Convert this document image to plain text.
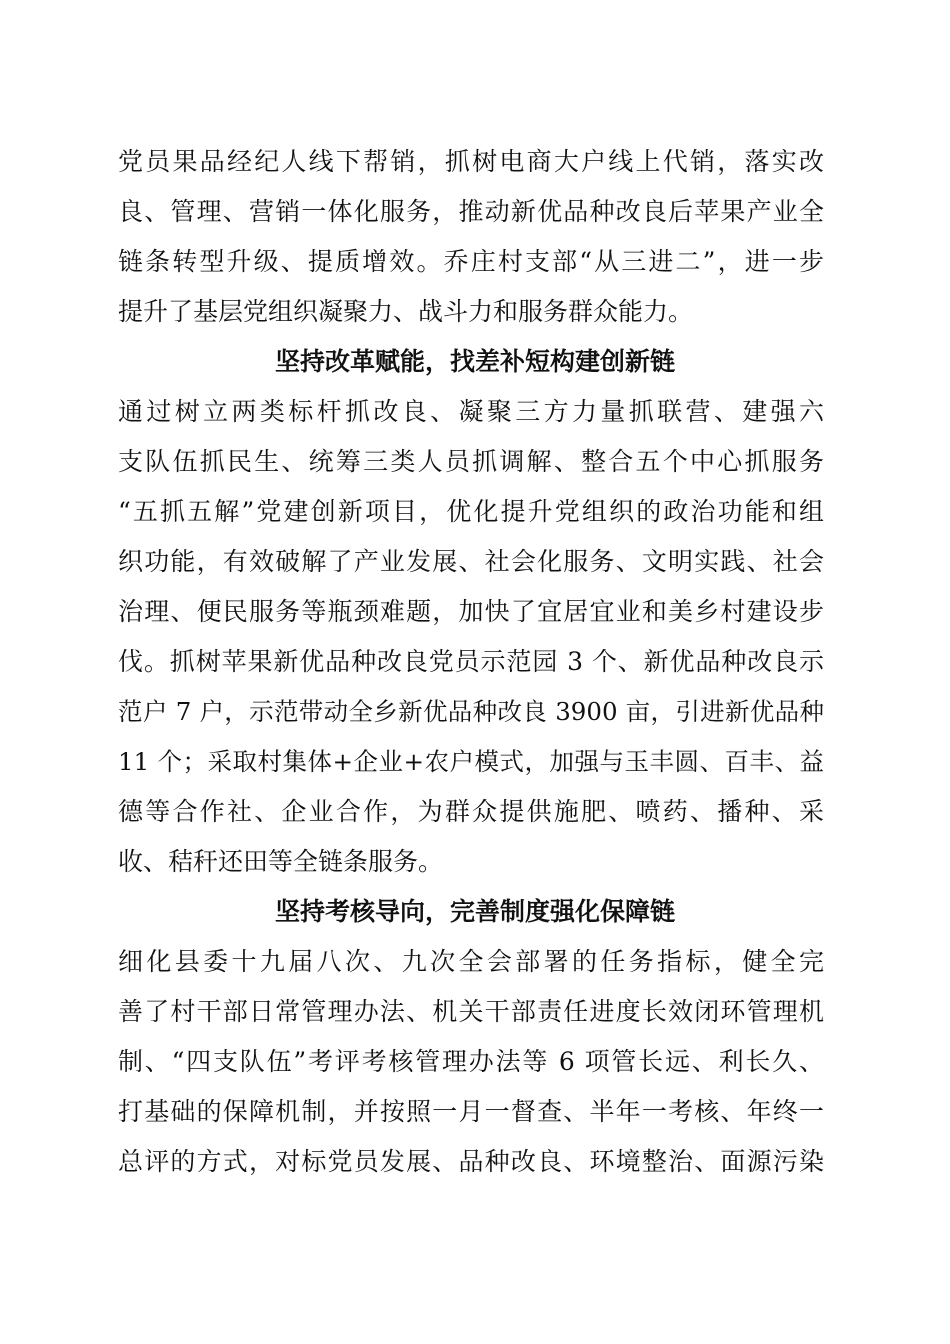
党员果品经纪人线下帮销，抓树电商大户线上代销，落实改
良、管理、营销一体化服务，推动新优品种改良后苹果产业全
链条转型升级、提质增效。乔庄村支部“从三进二”，进一步
提升了基层党组织凝聚力、战斗力和服务群众能力。
坚持改革赋能，找差补短构建创新链
通过树立两类标杆抓改良、凝聚三方力量抓联营、建强六
支队伍抓民生、统筹三类人员抓调解、整合五个中心抓服务
“五抓五解”党建创新项目，优化提升党组织的政治功能和组
织功能，有效破解了产业发展、社会化服务、文明实践、社会
治理、便民服务等瓶颈难题，加快了宜居宜业和美乡村建设步
伐。抓树苹果新优品种改良党员示范园 3 个、新优品种改良示
范户 7 户，示范带动全乡新优品种改良 3900 亩，引进新优品种
11 个；采取村集体+企业+农户模式，加强与玉丰圆、百丰、益
德等合作社、企业合作，为群众提供施肥、喷药、播种、采
收、秸秆还田等全链条服务。
坚持考核导向，完善制度强化保障链
细化县委十九届八次、九次全会部署的任务指标，健全完
善了村干部日常管理办法、机关干部责任进度长效闭环管理机
制、“四支队伍”考评考核管理办法等 6 项管长远、利长久、
打基础的保障机制，并按照一月一督查、半年一考核、年终一
总评的方式，对标党员发展、品种改良、环境整治、面源污染
